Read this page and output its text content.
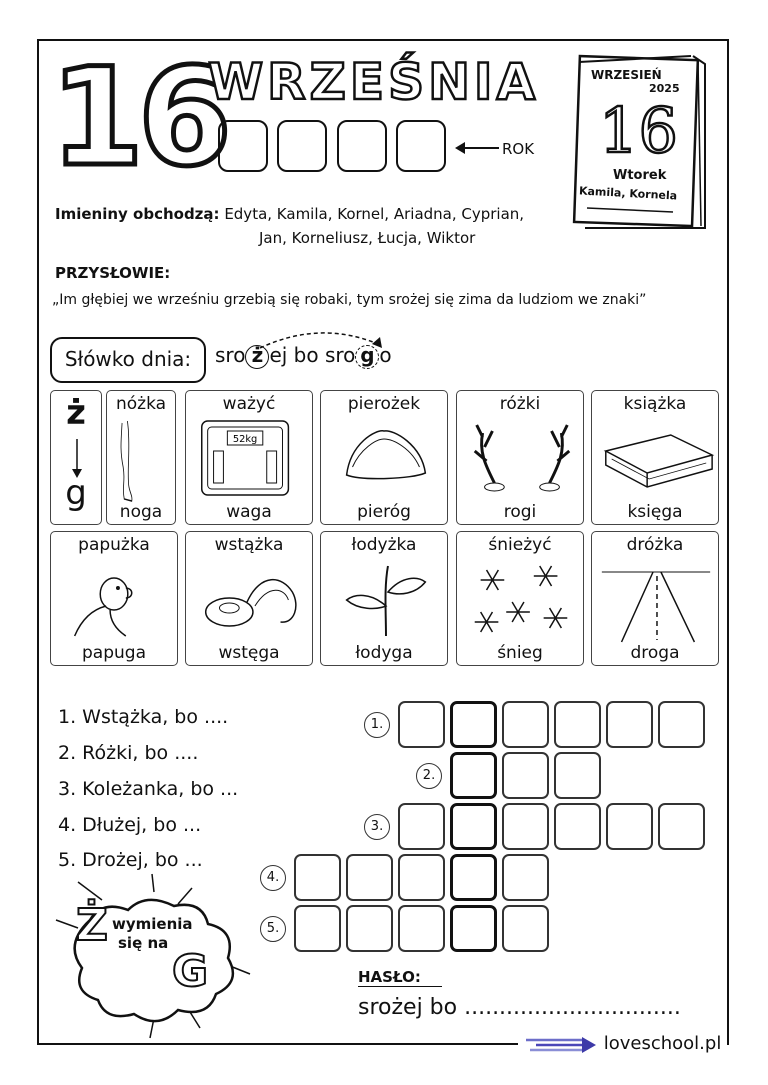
16
WRZEŚNIA
ROK
WRZESIEŃ
2025
16
Wtorek
Kamila, Kornela
Imieniny obchodzą: Edyta, Kamila, Kornel, Ariadna, Cyprian,
Jan, Korneliusz, Łucja, Wiktor
PRZYSŁOWIE:
„Im głębiej we wrześniu grzebią się robaki, tym srożej się zima da ludziom we znaki”
Słówko dnia:	sro ż ej bo sro g o
ż
g
nóżka
noga
52kg
ważyć
waga
pierożek
pieróg
różki
rogi
książka
księga
papużka
papuga
wstążka
wstęga
łodyżka
łodyga
śnieżyć
śnieg
dróżka
droga
1. Wstążka, bo ....
2. Różki, bo ....
3. Koleżanka, bo ...
4. Dłużej, bo ...
5. Drożej, bo ...
1.
2.
3.
4.
5.
Ż wymienia
się na
G	HASŁO:
srożej bo ...............................
loveschool.pl
